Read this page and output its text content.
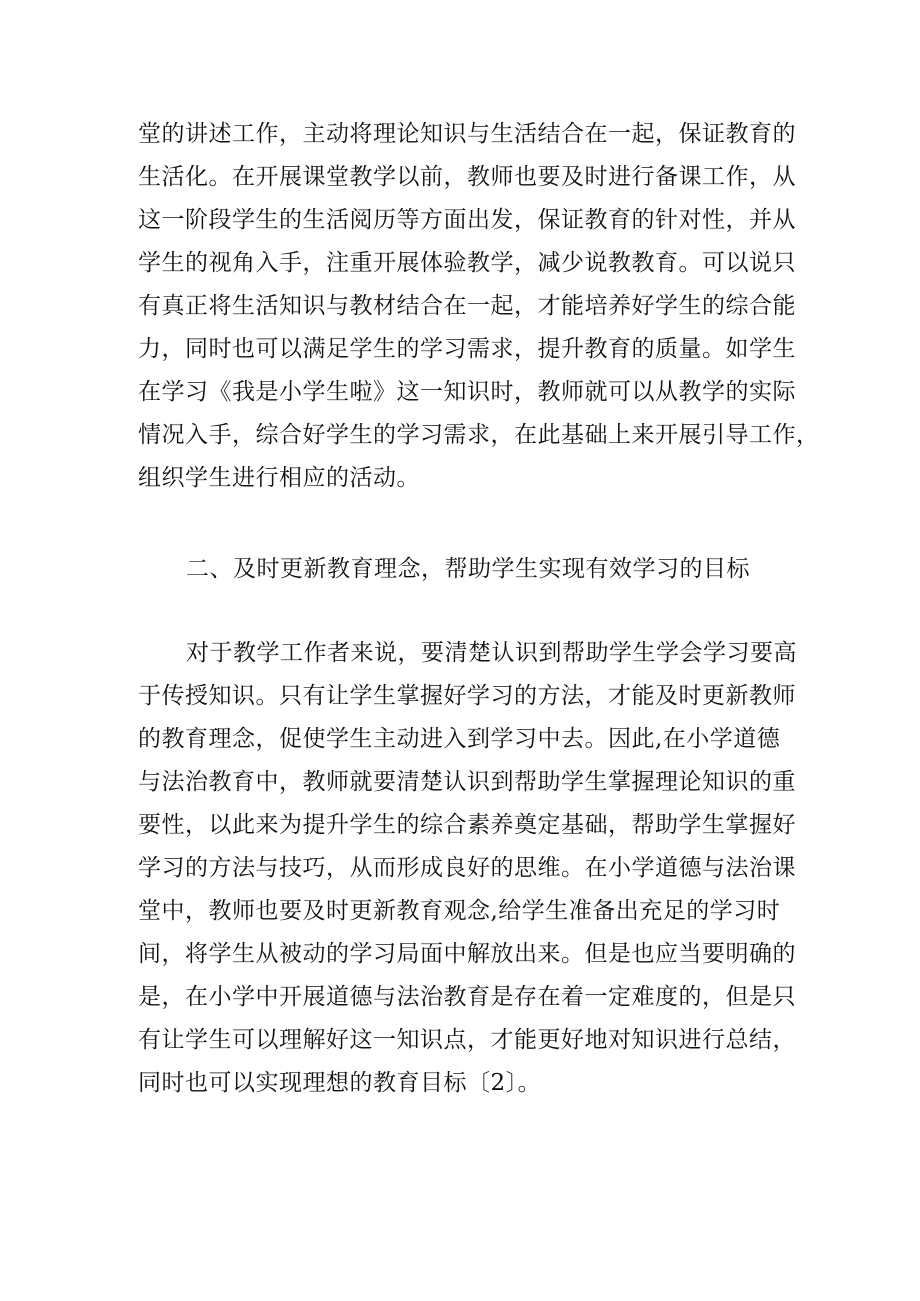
堂的讲述工作，主动将理论知识与生活结合在一起，保证教育的
生活化。在开展课堂教学以前，教师也要及时进行备课工作，从
这一阶段学生的生活阅历等方面出发，保证教育的针对性，并从
学生的视角入手，注重开展体验教学，减少说教教育。可以说只
有真正将生活知识与教材结合在一起，才能培养好学生的综合能
力，同时也可以满足学生的学习需求，提升教育的质量。如学生
在学习《我是小学生啦》这一知识时，教师就可以从教学的实际
情况入手，综合好学生的学习需求，在此基础上来开展引导工作，
组织学生进行相应的活动。

二、及时更新教育理念，帮助学生实现有效学习的目标

对于教学工作者来说，要清楚认识到帮助学生学会学习要高
于传授知识。只有让学生掌握好学习的方法，才能及时更新教师
的教育理念，促使学生主动进入到学习中去。因此,在小学道德
与法治教育中，教师就要清楚认识到帮助学生掌握理论知识的重
要性，以此来为提升学生的综合素养奠定基础，帮助学生掌握好
学习的方法与技巧，从而形成良好的思维。在小学道德与法治课
堂中，教师也要及时更新教育观念,给学生准备出充足的学习时
间，将学生从被动的学习局面中解放出来。但是也应当要明确的
是，在小学中开展道德与法治教育是存在着一定难度的，但是只
有让学生可以理解好这一知识点，才能更好地对知识进行总结，
同时也可以实现理想的教育目标〔2〕。
